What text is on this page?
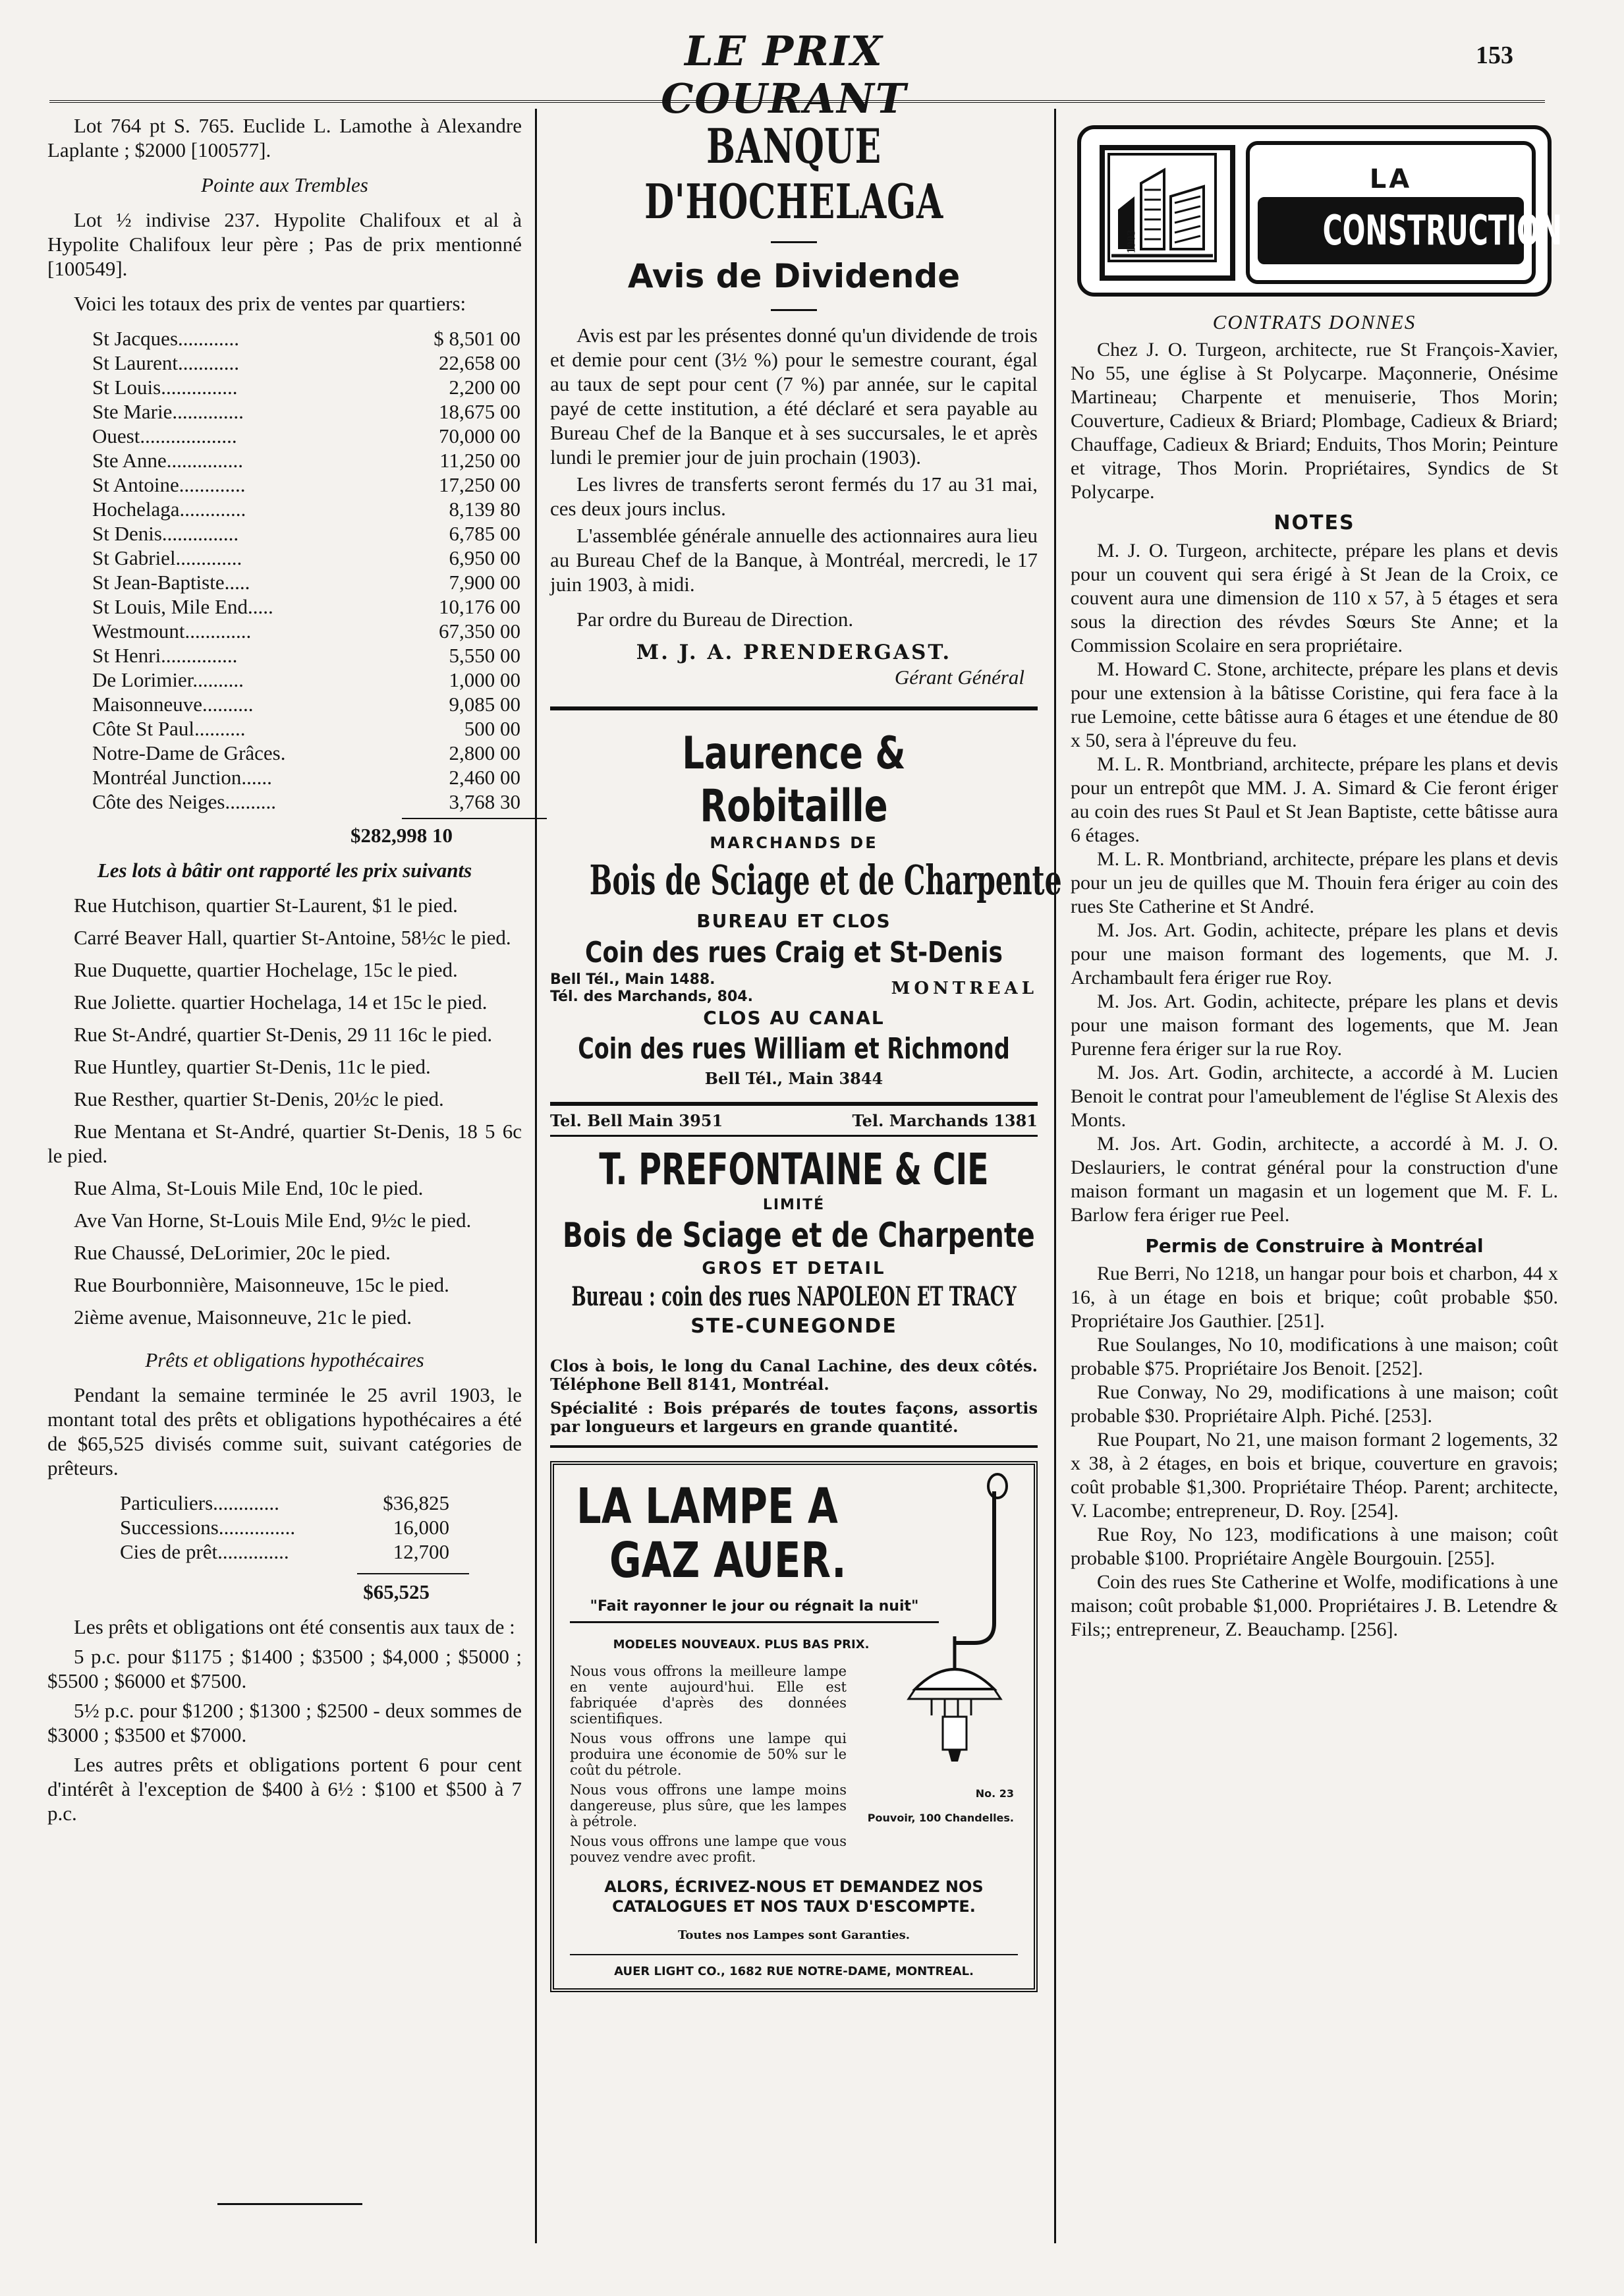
LE PRIX COURANT
153

Lot 764 pt S. 765. Euclide L. Lamothe à Alexandre Laplante ; $2000 [100577].

Pointe aux Trembles

Lot ½ indivise 237. Hypolite Chalifoux et al à Hypolite Chalifoux leur père ; Pas de prix mentionné [100549].

Voici les totaux des prix de ventes par quartiers:

St Jacques............	$ 8,501 00
St Laurent............	22,658 00
St Louis...............	2,200 00
Ste Marie..............	18,675 00
Ouest...................	70,000 00
Ste Anne...............	11,250 00
St Antoine.............	17,250 00
Hochelaga.............	8,139 80
St Denis...............	6,785 00
St Gabriel.............	6,950 00
St Jean-Baptiste.....	7,900 00
St Louis, Mile End.....	10,176 00
Westmount.............	67,350 00
St Henri...............	5,550 00
De Lorimier..........	1,000 00
Maisonneuve..........	9,085 00
Côte St Paul..........	500 00
Notre-Dame de Grâces.	2,800 00
Montréal Junction......	2,460 00
Côte des Neiges..........	3,768 30

$282,998 10

Les lots à bâtir ont rapporté les prix suivants

Rue Hutchison, quartier St-Laurent, $1 le pied.

Carré Beaver Hall, quartier St-Antoine, 58½c le pied.

Rue Duquette, quartier Hochelage, 15c le pied.

Rue Joliette. quartier Hochelaga, 14 et 15c le pied.

Rue St-André, quartier St-Denis, 29 11 16c le pied.

Rue Huntley, quartier St-Denis, 11c le pied.

Rue Resther, quartier St-Denis, 20½c le pied.

Rue Mentana et St-André, quartier St-Denis, 18 5 6c le pied.

Rue Alma, St-Louis Mile End, 10c le pied.

Ave Van Horne, St-Louis Mile End, 9½c le pied.

Rue Chaussé, DeLorimier, 20c le pied.

Rue Bourbonnière, Maisonneuve, 15c le pied.

2ième avenue, Maisonneuve, 21c le pied.

Prêts et obligations hypothécaires

Pendant la semaine terminée le 25 avril 1903, le montant total des prêts et obligations hypothécaires a été de $65,525 divisés comme suit, suivant catégories de prêteurs.

Particuliers.............	$36,825
Successions...............	16,000
Cies de prêt..............	12,700

$65,525

Les prêts et obligations ont été consentis aux taux de :

5 p.c. pour $1175 ; $1400 ; $3500 ; $4,000 ; $5000 ; $5500 ; $6000 et $7500.

5½ p.c. pour $1200 ; $1300 ; $2500 - deux sommes de $3000 ; $3500 et $7000.

Les autres prêts et obligations portent 6 pour cent d'intérêt à l'exception de $400 à 6½ : $100 et $500 à 7 p.c.

BANQUE D'HOCHELAGA
Avis de Dividende

Avis est par les présentes donné qu'un dividende de trois et demie pour cent (3½ %) pour le semestre courant, égal au taux de sept pour cent (7 %) par année, sur le capital payé de cette institution, a été déclaré et sera payable au Bureau Chef de la Banque et à ses succursales, le et après lundi le premier jour de juin prochain (1903).

Les livres de transferts seront fermés du 17 au 31 mai, ces deux jours inclus.

L'assemblée générale annuelle des actionnaires aura lieu au Bureau Chef de la Banque, à Montréal, mercredi, le 17 juin 1903, à midi.

Par ordre du Bureau de Direction.

M. J. A. PRENDERGAST.

Gérant Général

Laurence & Robitaille
MARCHANDS DE
Bois de Sciage et de Charpente
BUREAU ET CLOS
Coin des rues Craig et St-Denis
Bell Tél., Main 1488.
Tél. des Marchands, 804.	MONTREAL
CLOS AU CANAL
Coin des rues William et Richmond
Bell Tél., Main 3844
Tel. Bell Main 3951	Tel. Marchands 1381
T. PREFONTAINE & CIE
LIMITÉ
Bois de Sciage et de Charpente
GROS ET DETAIL
Bureau : coin des rues NAPOLEON ET TRACY
STE-CUNEGONDE

Clos à bois, le long du Canal Lachine, des deux côtés. Téléphone Bell 8141, Montréal.

Spécialité : Bois préparés de toutes façons, assortis par longueurs et largeurs en grande quantité.

LA LAMPE A
GAZ AUER.
"Fait rayonner le jour ou régnait la nuit"
MODELES NOUVEAUX. PLUS BAS PRIX.

Nous vous offrons la meilleure lampe en vente aujourd'hui. Elle est fabriquée d'après des données scientifiques.

Nous vous offrons une lampe qui produira une économie de 50% sur le coût du pétrole.

Nous vous offrons une lampe moins dangereuse, plus sûre, que les lampes à pétrole.

Nous vous offrons une lampe que vous pouvez vendre avec profit.

No. 23
Pouvoir, 100 Chandelles.

ALORS, ÉCRIVEZ-NOUS ET DEMANDEZ NOS CATALOGUES ET NOS TAUX D'ESCOMPTE.

Toutes nos Lampes sont Garanties.

AUER LIGHT CO., 1682 RUE NOTRE-DAME, MONTREAL.

1903
LA
CONSTRUCTION

CONTRATS DONNES

Chez J. O. Turgeon, architecte, rue St François-Xavier, No 55, une église à St Polycarpe. Maçonnerie, Onésime Martineau; Charpente et menuiserie, Thos Morin; Couverture, Cadieux & Briard; Plombage, Cadieux & Briard; Chauffage, Cadieux & Briard; Enduits, Thos Morin; Peinture et vitrage, Thos Morin. Propriétaires, Syndics de St Polycarpe.

NOTES

M. J. O. Turgeon, architecte, prépare les plans et devis pour un couvent qui sera érigé à St Jean de la Croix, ce couvent aura une dimension de 110 x 57, à 5 étages et sera sous la direction des révdes Sœurs Ste Anne; et la Commission Scolaire en sera propriétaire.

M. Howard C. Stone, architecte, prépare les plans et devis pour une extension à la bâtisse Coristine, qui fera face à la rue Lemoine, cette bâtisse aura 6 étages et une étendue de 80 x 50, sera à l'épreuve du feu.

M. L. R. Montbriand, architecte, prépare les plans et devis pour un entrepôt que MM. J. A. Simard & Cie feront ériger au coin des rues St Paul et St Jean Baptiste, cette bâtisse aura 6 étages.

M. L. R. Montbriand, architecte, prépare les plans et devis pour un jeu de quilles que M. Thouin fera ériger au coin des rues Ste Catherine et St André.

M. Jos. Art. Godin, achitecte, prépare les plans et devis pour une maison formant des logements, que M. J. Archambault fera ériger rue Roy.

M. Jos. Art. Godin, achitecte, prépare les plans et devis pour une maison formant des logements, que M. Jean Purenne fera ériger sur la rue Roy.

M. Jos. Art. Godin, architecte, a accordé à M. Lucien Benoit le contrat pour l'ameublement de l'église St Alexis des Monts.

M. Jos. Art. Godin, architecte, a accordé à M. J. O. Deslauriers, le contrat général pour la construction d'une maison formant un magasin et un logement que M. F. L. Barlow fera ériger rue Peel.

Permis de Construire à Montréal

Rue Berri, No 1218, un hangar pour bois et charbon, 44 x 16, à un étage en bois et brique; coût probable $50. Propriétaire Jos Gauthier. [251].

Rue Soulanges, No 10, modifications à une maison; coût probable $75. Propriétaire Jos Benoit. [252].

Rue Conway, No 29, modifications à une maison; coût probable $30. Propriétaire Alph. Piché. [253].

Rue Poupart, No 21, une maison formant 2 logements, 32 x 38, à 2 étages, en bois et brique, couverture en gravois; coût probable $1,300. Propriétaire Théop. Parent; architecte, V. Lacombe; entrepreneur, D. Roy. [254].

Rue Roy, No 123, modifications à une maison; coût probable $100. Propriétaire Angèle Bourgouin. [255].

Coin des rues Ste Catherine et Wolfe, modifications à une maison; coût probable $1,000. Propriétaires J. B. Letendre & Fils;; entrepreneur, Z. Beauchamp. [256].
